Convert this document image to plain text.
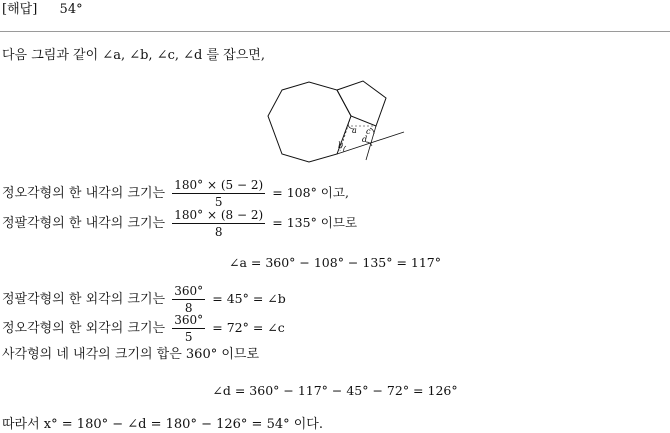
[해답] 54°
다음 그림과 같이 ∠a, ∠b, ∠c, ∠d 를 잡으면,
a
b
c
d
정오각형의 한 내각의 크기는 $\frac{180^\circ \times (5 - 2)}{5} = 108^\circ$ 이고,
정팔각형의 한 내각의 크기는 $\frac{180^\circ \times (8 - 2)}{8} = 135^\circ$ 이므로
∠a = 360° − 108° − 135° = 117°
정팔각형의 한 외각의 크기는 $\frac{360^\circ}{8} = 45^\circ$ = ∠b
정오각형의 한 외각의 크기는 $\frac{360^\circ}{5} = 72^\circ$ = ∠c
사각형의 네 내각의 크기의 합은 360° 이므로
∠d = 360° − 117° − 45° − 72° = 126°
따라서 x° = 180° − ∠d = 180° − 126° = 54° 이다.
